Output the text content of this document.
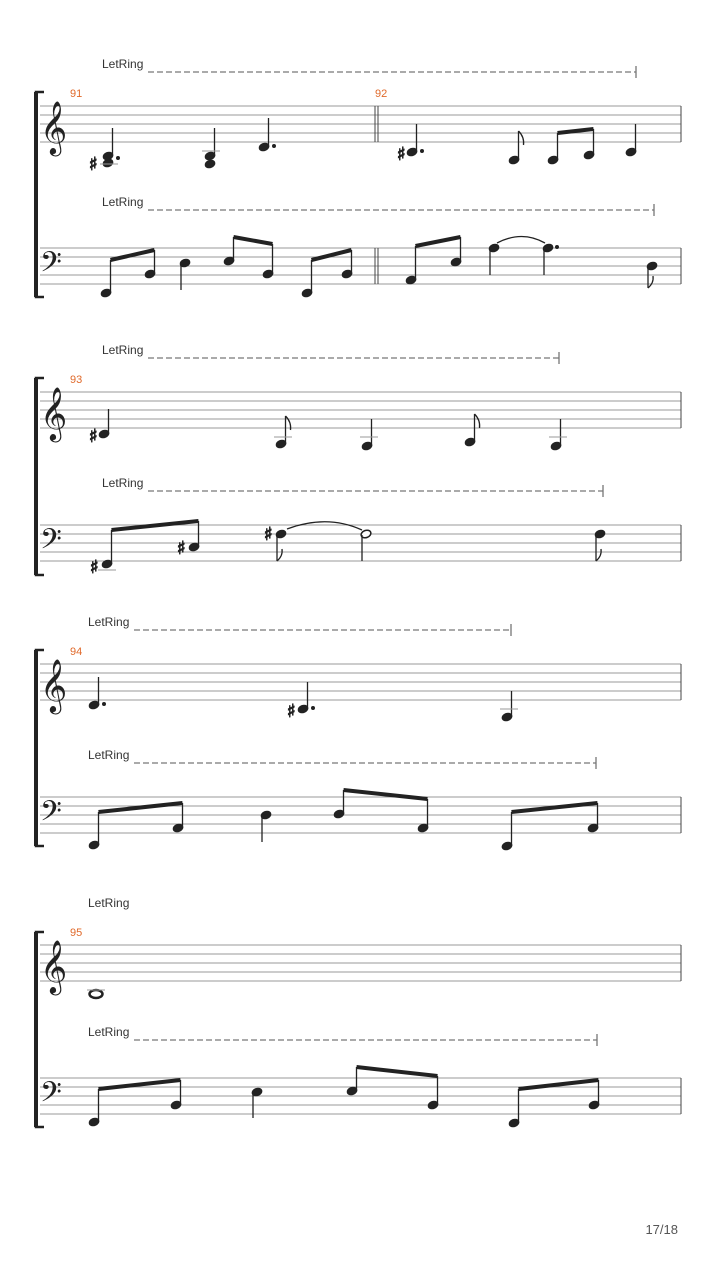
LetRing
𝄞
91	92
♯	♯
LetRing
𝄢
LetRing
𝄞
93
♯
LetRing
𝄢
♯
♯
♯
LetRing
𝄞
94
♯
LetRing
𝄢
LetRing
𝄞
95
LetRing
𝄢
17/18
